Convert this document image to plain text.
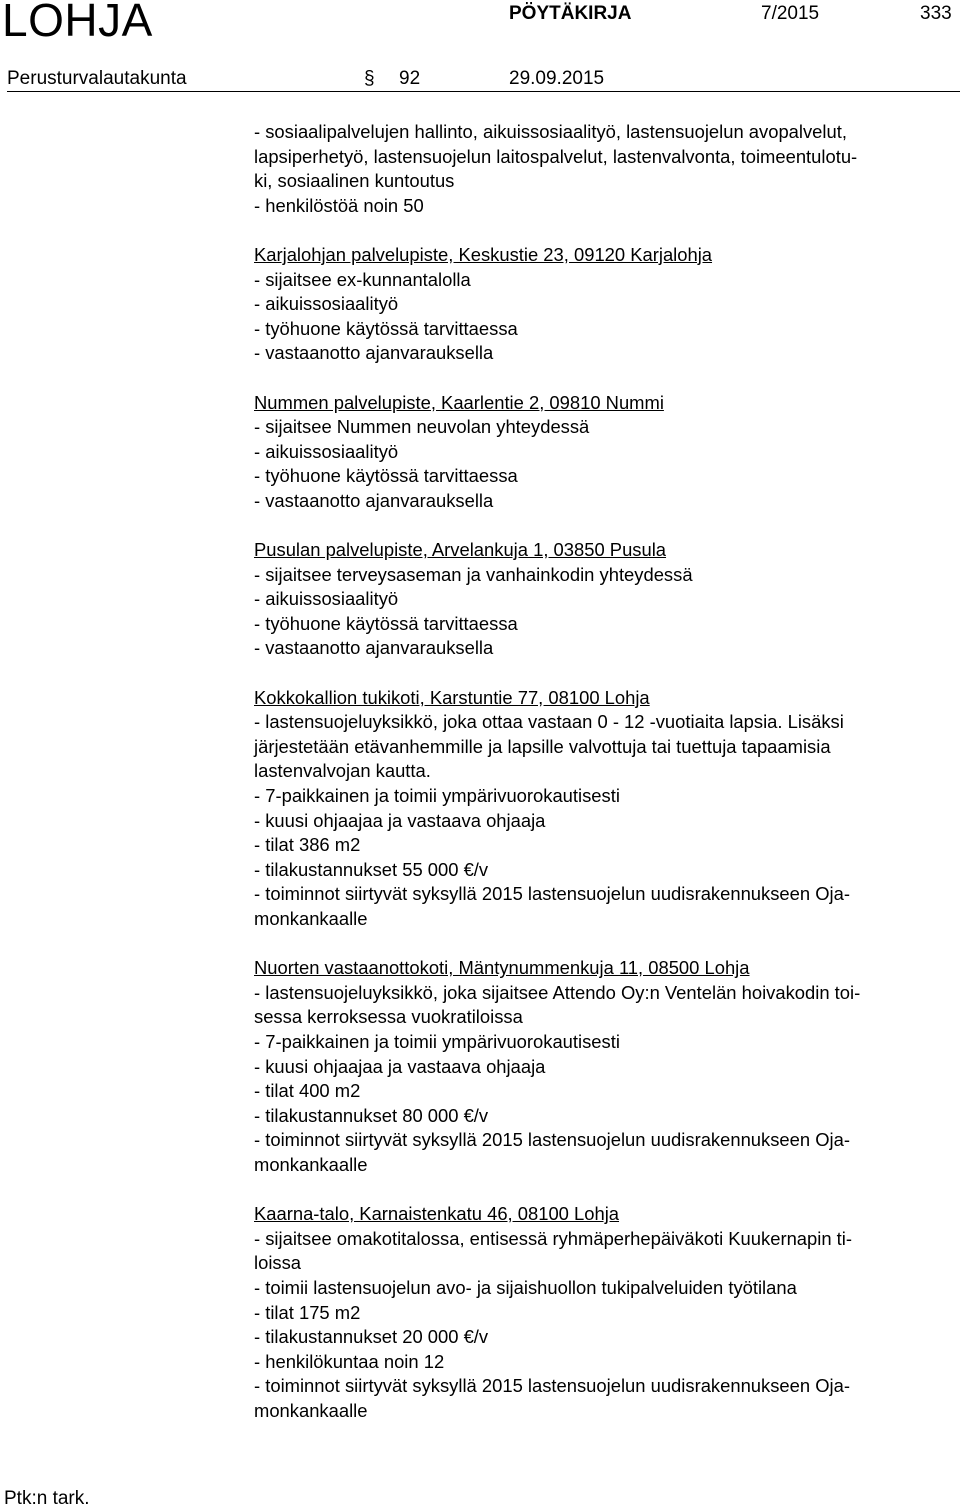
LOHJA	PÖYTÄKIRJA	7/2015	333
Perusturvalautakunta	§ 92	29.09.2015
- sosiaalipalvelujen hallinto, aikuissosiaalityö, lastensuojelun avopalvelut,
lapsiperhetyö, lastensuojelun laitospalvelut, lastenvalvonta, toimeentulotu-
ki, sosiaalinen kuntoutus
- henkilöstöä noin 50
Karjalohjan palvelupiste, Keskustie 23, 09120 Karjalohja
- sijaitsee ex-kunnantalolla
- aikuissosiaalityö
- työhuone käytössä tarvittaessa
- vastaanotto ajanvarauksella
Nummen palvelupiste, Kaarlentie 2, 09810 Nummi
- sijaitsee Nummen neuvolan yhteydessä
- aikuissosiaalityö
- työhuone käytössä tarvittaessa
- vastaanotto ajanvarauksella
Pusulan palvelupiste, Arvelankuja 1, 03850 Pusula
- sijaitsee terveysaseman ja vanhainkodin yhteydessä
- aikuissosiaalityö
- työhuone käytössä tarvittaessa
- vastaanotto ajanvarauksella
Kokkokallion tukikoti, Karstuntie 77, 08100 Lohja
- lastensuojeluyksikkö, joka ottaa vastaan 0 - 12 -vuotiaita lapsia. Lisäksi
järjestetään etävanhemmille ja lapsille valvottuja tai tuettuja tapaamisia
lastenvalvojan kautta.
- 7-paikkainen ja toimii ympärivuorokautisesti
- kuusi ohjaajaa ja vastaava ohjaaja
- tilat 386 m2
- tilakustannukset 55 000 €/v
- toiminnot siirtyvät syksyllä 2015 lastensuojelun uudisrakennukseen Oja-
monkankaalle
Nuorten vastaanottokoti, Mäntynummenkuja 11, 08500 Lohja
- lastensuojeluyksikkö, joka sijaitsee Attendo Oy:n Ventelän hoivakodin toi-
sessa kerroksessa vuokratiloissa
- 7-paikkainen ja toimii ympärivuorokautisesti
- kuusi ohjaajaa ja vastaava ohjaaja
- tilat 400 m2
- tilakustannukset 80 000 €/v
- toiminnot siirtyvät syksyllä 2015 lastensuojelun uudisrakennukseen Oja-
monkankaalle
Kaarna-talo, Karnaistenkatu 46, 08100 Lohja
- sijaitsee omakotitalossa, entisessä ryhmäperhepäiväkoti Kuukernapin ti-
loissa
- toimii lastensuojelun avo- ja sijaishuollon tukipalveluiden työtilana
- tilat 175 m2
- tilakustannukset 20 000 €/v
- henkilökuntaa noin 12
- toiminnot siirtyvät syksyllä 2015 lastensuojelun uudisrakennukseen Oja-
monkankaalle
Ptk:n tark.
